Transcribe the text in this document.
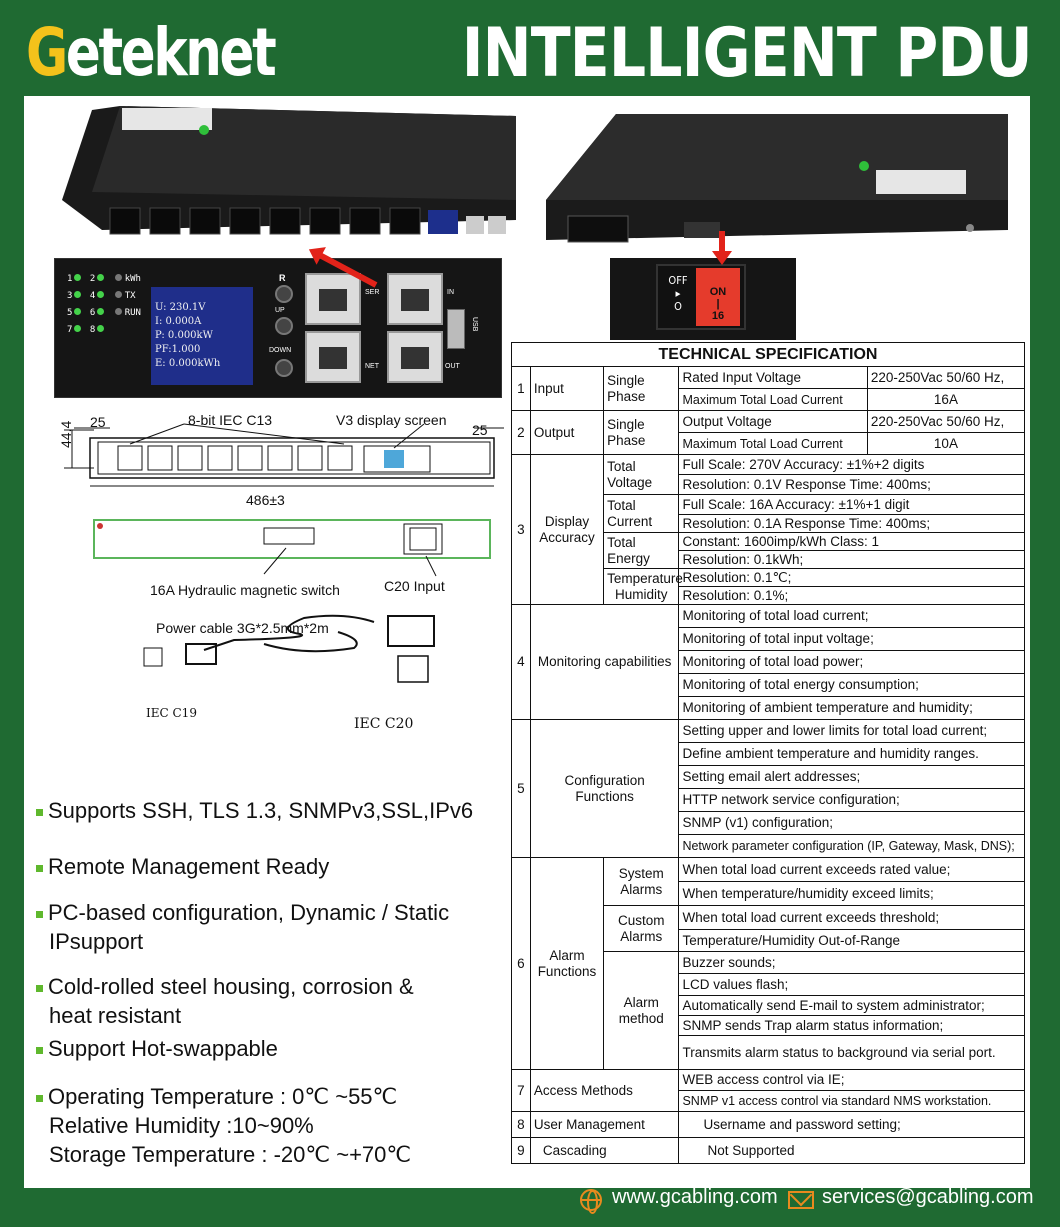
Geteknet	INTELLIGENT PDU
1 2	kWh
3 4	TX
5 6	RUN
7 8
U: 230.1V
I: 0.000A
P: 0.000kW
PF:1.000
E: 0.000kWh
R
UP
DOWN
SER
NET
IN
OUT
USB
OFF
▸
O
ON
|
16
25	25
44.4
486±3
8-bit IEC C13	V3 display screen
16A Hydraulic magnetic switch	C20 Input
Power cable 3G*2.5mm*2m
IEC C19
IEC C20
Supports SSH, TLS 1.3, SNMPv3,SSL,IPv6
Remote Management Ready
PC-based configuration, Dynamic / Static
IPsupport
Cold-rolled steel housing, corrosion &
heat resistant
Support Hot-swappable
Operating Temperature : 0℃ ~55℃
Relative Humidity :10~90%
Storage Temperature : -20℃ ~+70℃
TECHNICAL SPECIFICATION				
1	Input	Single Phase	Rated Input Voltage	220-250Vac 50/60 Hz,
			Maximum Total Load Current	16A
2	Output	Single Phase	Output Voltage	220-250Vac 50/60 Hz,
			Maximum Total Load Current	10A
3	Display Accuracy	Total Voltage	Full Scale: 270V Accuracy: ±1%+2 digits	
			Resolution: 0.1V Response Time: 400ms;	
		Total Current	Full Scale: 16A Accuracy: ±1%+1 digit	
			Resolution: 0.1A Response Time: 400ms;	
		Total Energy	Constant: 1600imp/kWh Class: 1	
			Resolution: 0.1kWh;	
		Temperature Humidity	Resolution: 0.1℃;	
			Resolution: 0.1%;	
4	Monitoring capabilities		Monitoring of total load current;	
			Monitoring of total input voltage;	
			Monitoring of total load power;	
			Monitoring of total energy consumption;	
			Monitoring of ambient temperature and humidity;	
5	Configuration Functions		Setting upper and lower limits for total load current;	
			Define ambient temperature and humidity ranges.	
			Setting email alert addresses;	
			HTTP network service configuration;	
			SNMP (v1) configuration;	
			Network parameter configuration (IP, Gateway, Mask, DNS);	
6	Alarm Functions	System Alarms	When total load current exceeds rated value;	
			When temperature/humidity exceed limits;	
		Custom Alarms	When total load current exceeds threshold;	
			Temperature/Humidity Out-of-Range	
		Alarm method	Buzzer sounds;	
			LCD values flash;	
			Automatically send E-mail to system administrator;	
			SNMP sends Trap alarm status information;	
			Transmits alarm status to background via serial port.	
7	Access Methods		WEB access control via IE;	
			SNMP v1 access control via standard NMS workstation.	
8	User Management		Username and password setting;	
9	Cascading		Not Supported	
www.gcabling.com services@gcabling.com
